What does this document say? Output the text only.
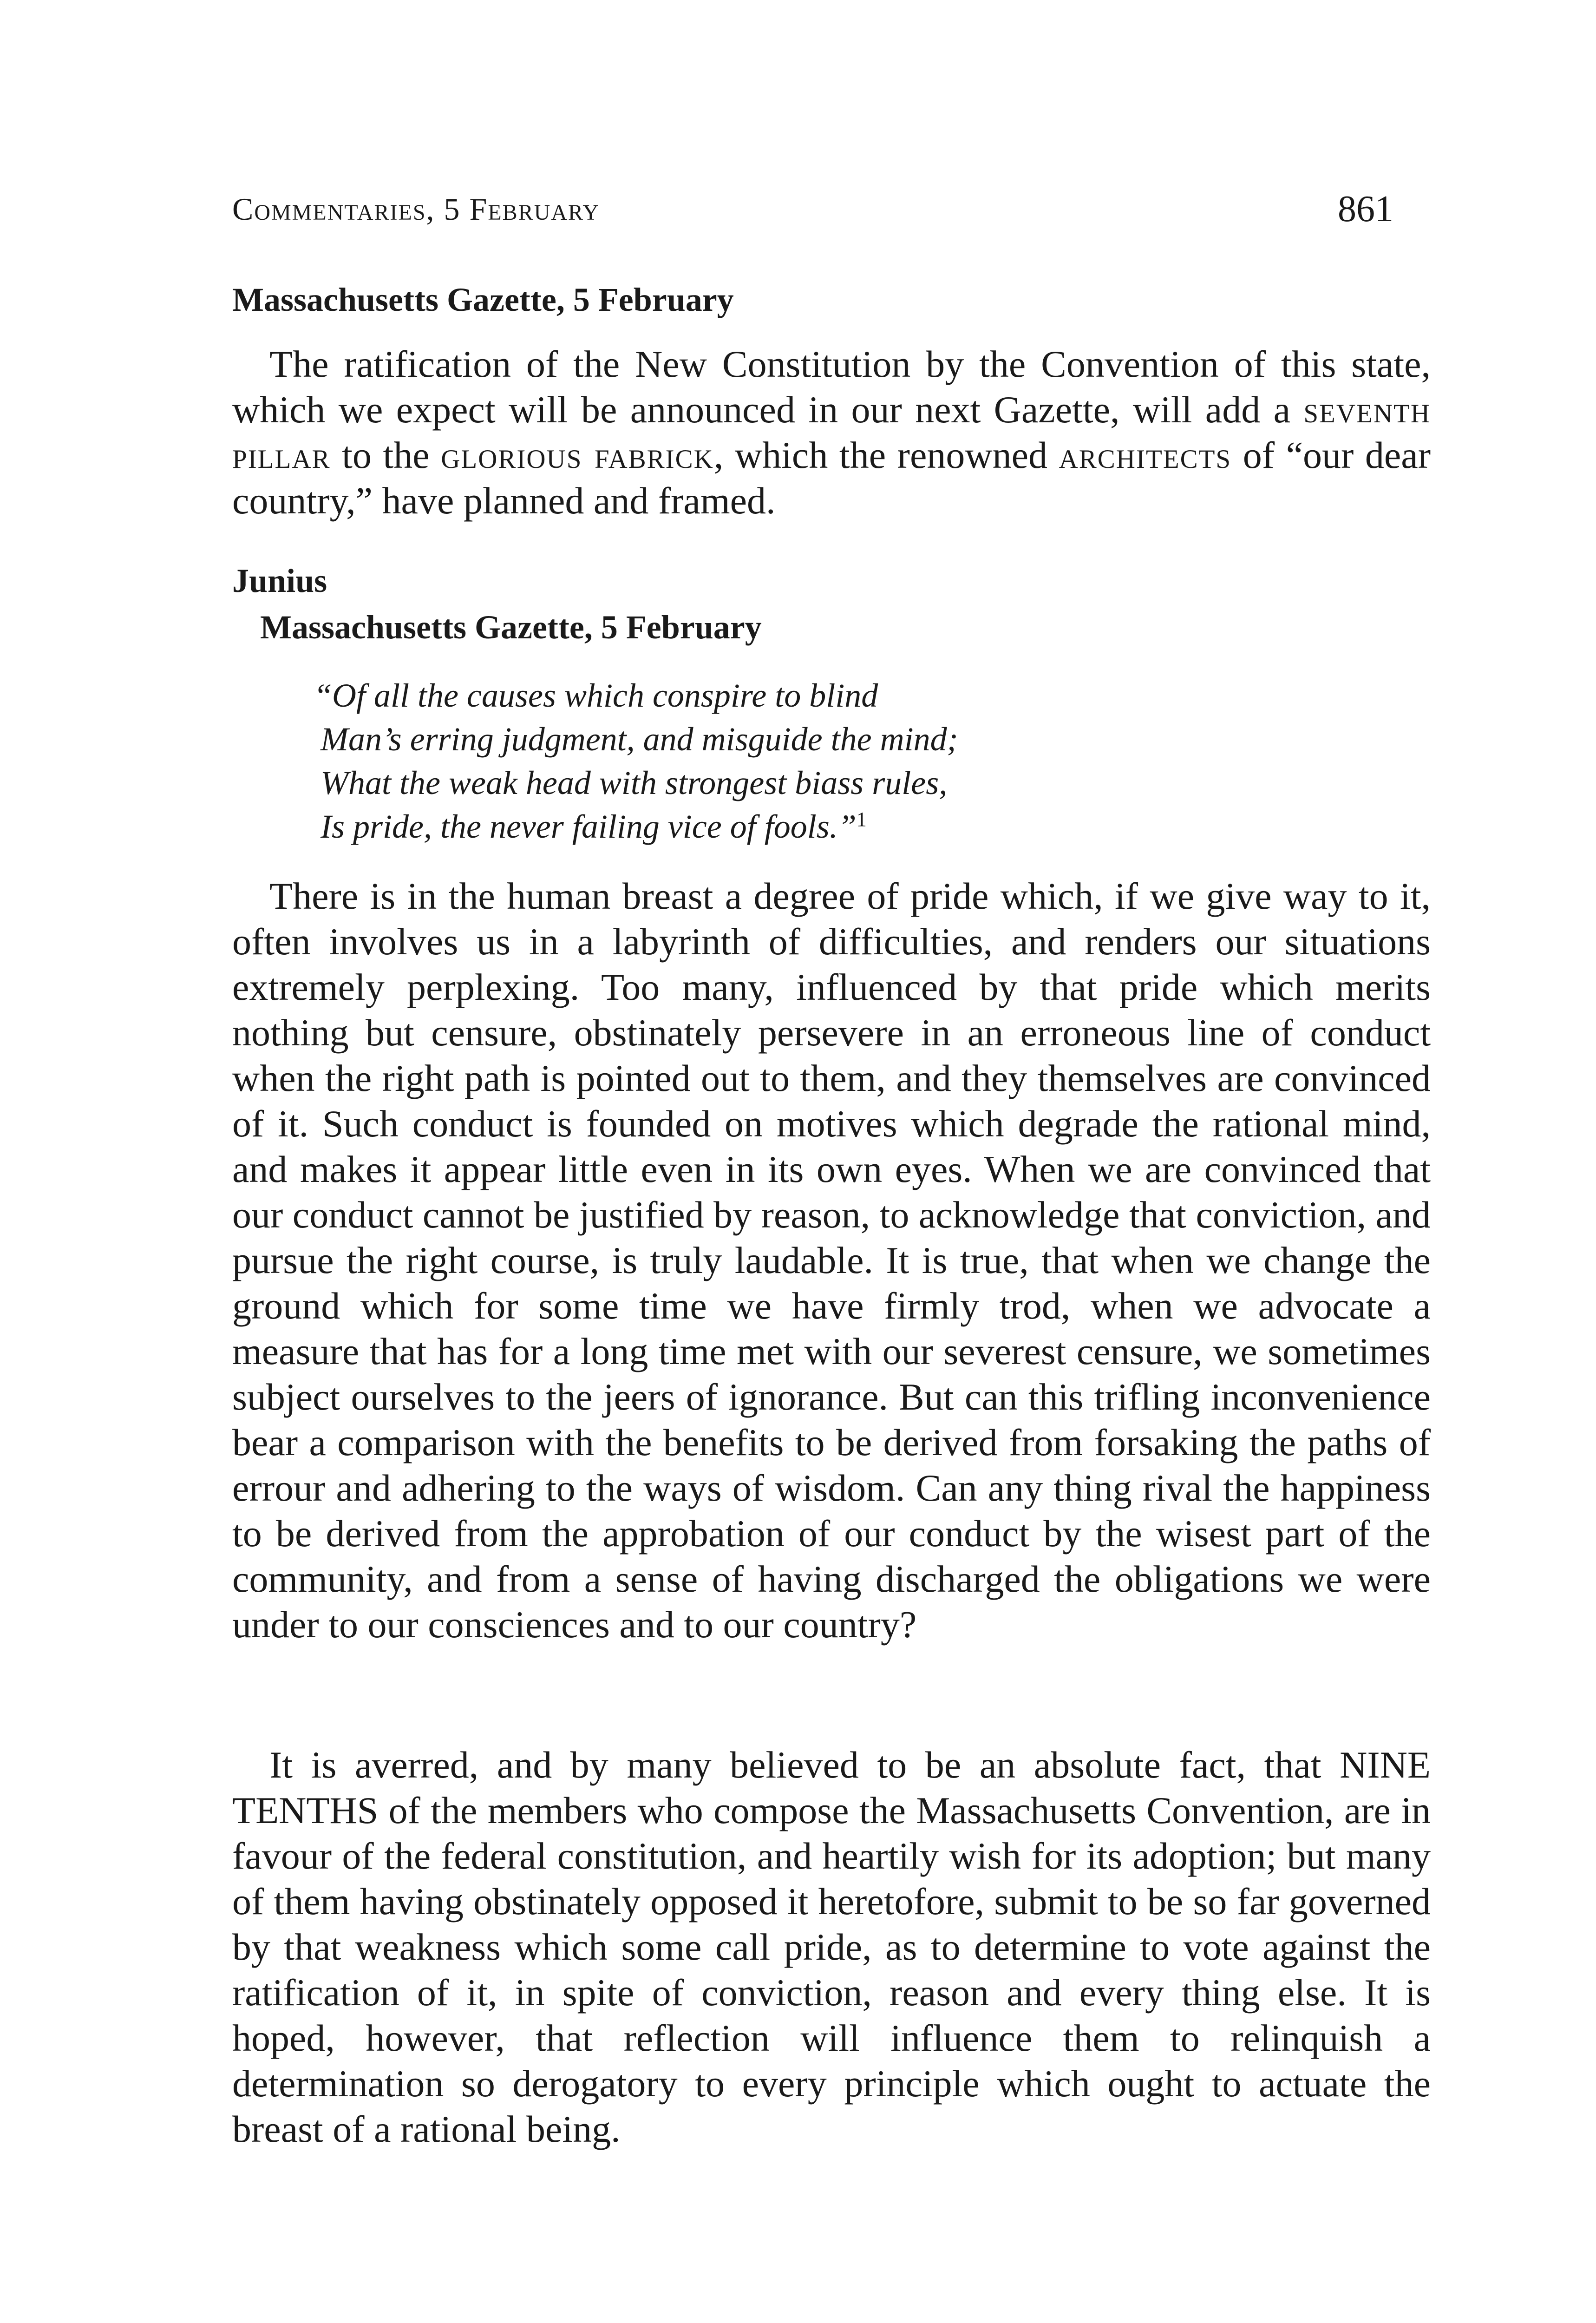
Commentaries, 5 February	861
Massachusetts Gazette, 5 February

The ratification of the New Constitution by the Convention of this state, which we expect will be announced in our next Gazette, will add a seventh pillar to the glorious fabrick, which the renowned architects of “our dear country,” have planned and framed.

Junius
Massachusetts Gazette, 5 February
“Of all the causes which conspire to blind
Man’s erring judgment, and misguide the mind;
What the weak head with strongest biass rules,
Is pride, the never failing vice of fools.”$^1$

There is in the human breast a degree of pride which, if we give way to it, often involves us in a labyrinth of difficulties, and renders our situations extremely perplexing. Too many, influenced by that pride which merits nothing but censure, obstinately persevere in an erroneous line of conduct when the right path is pointed out to them, and they themselves are convinced of it. Such conduct is founded on motives which degrade the rational mind, and makes it appear little even in its own eyes. When we are convinced that our conduct cannot be justified by reason, to acknowledge that conviction, and pursue the right course, is truly laudable. It is true, that when we change the ground which for some time we have firmly trod, when we advocate a measure that has for a long time met with our severest censure, we sometimes subject ourselves to the jeers of ignorance. But can this trifling inconvenience bear a comparison with the benefits to be derived from forsaking the paths of errour and adhering to the ways of wisdom. Can any thing rival the happiness to be derived from the approbation of our conduct by the wisest part of the community, and from a sense of having discharged the obligations we were under to our consciences and to our country?

It is averred, and by many believed to be an absolute fact, that NINE TENTHS of the members who compose the Massachusetts Convention, are in favour of the federal constitution, and heartily wish for its adoption; but many of them having obstinately opposed it heretofore, submit to be so far governed by that weakness which some call pride, as to determine to vote against the ratification of it, in spite of conviction, reason and every thing else. It is hoped, however, that reflection will influence them to relinquish a determination so derogatory to every principle which ought to actuate the breast of a rational being.
